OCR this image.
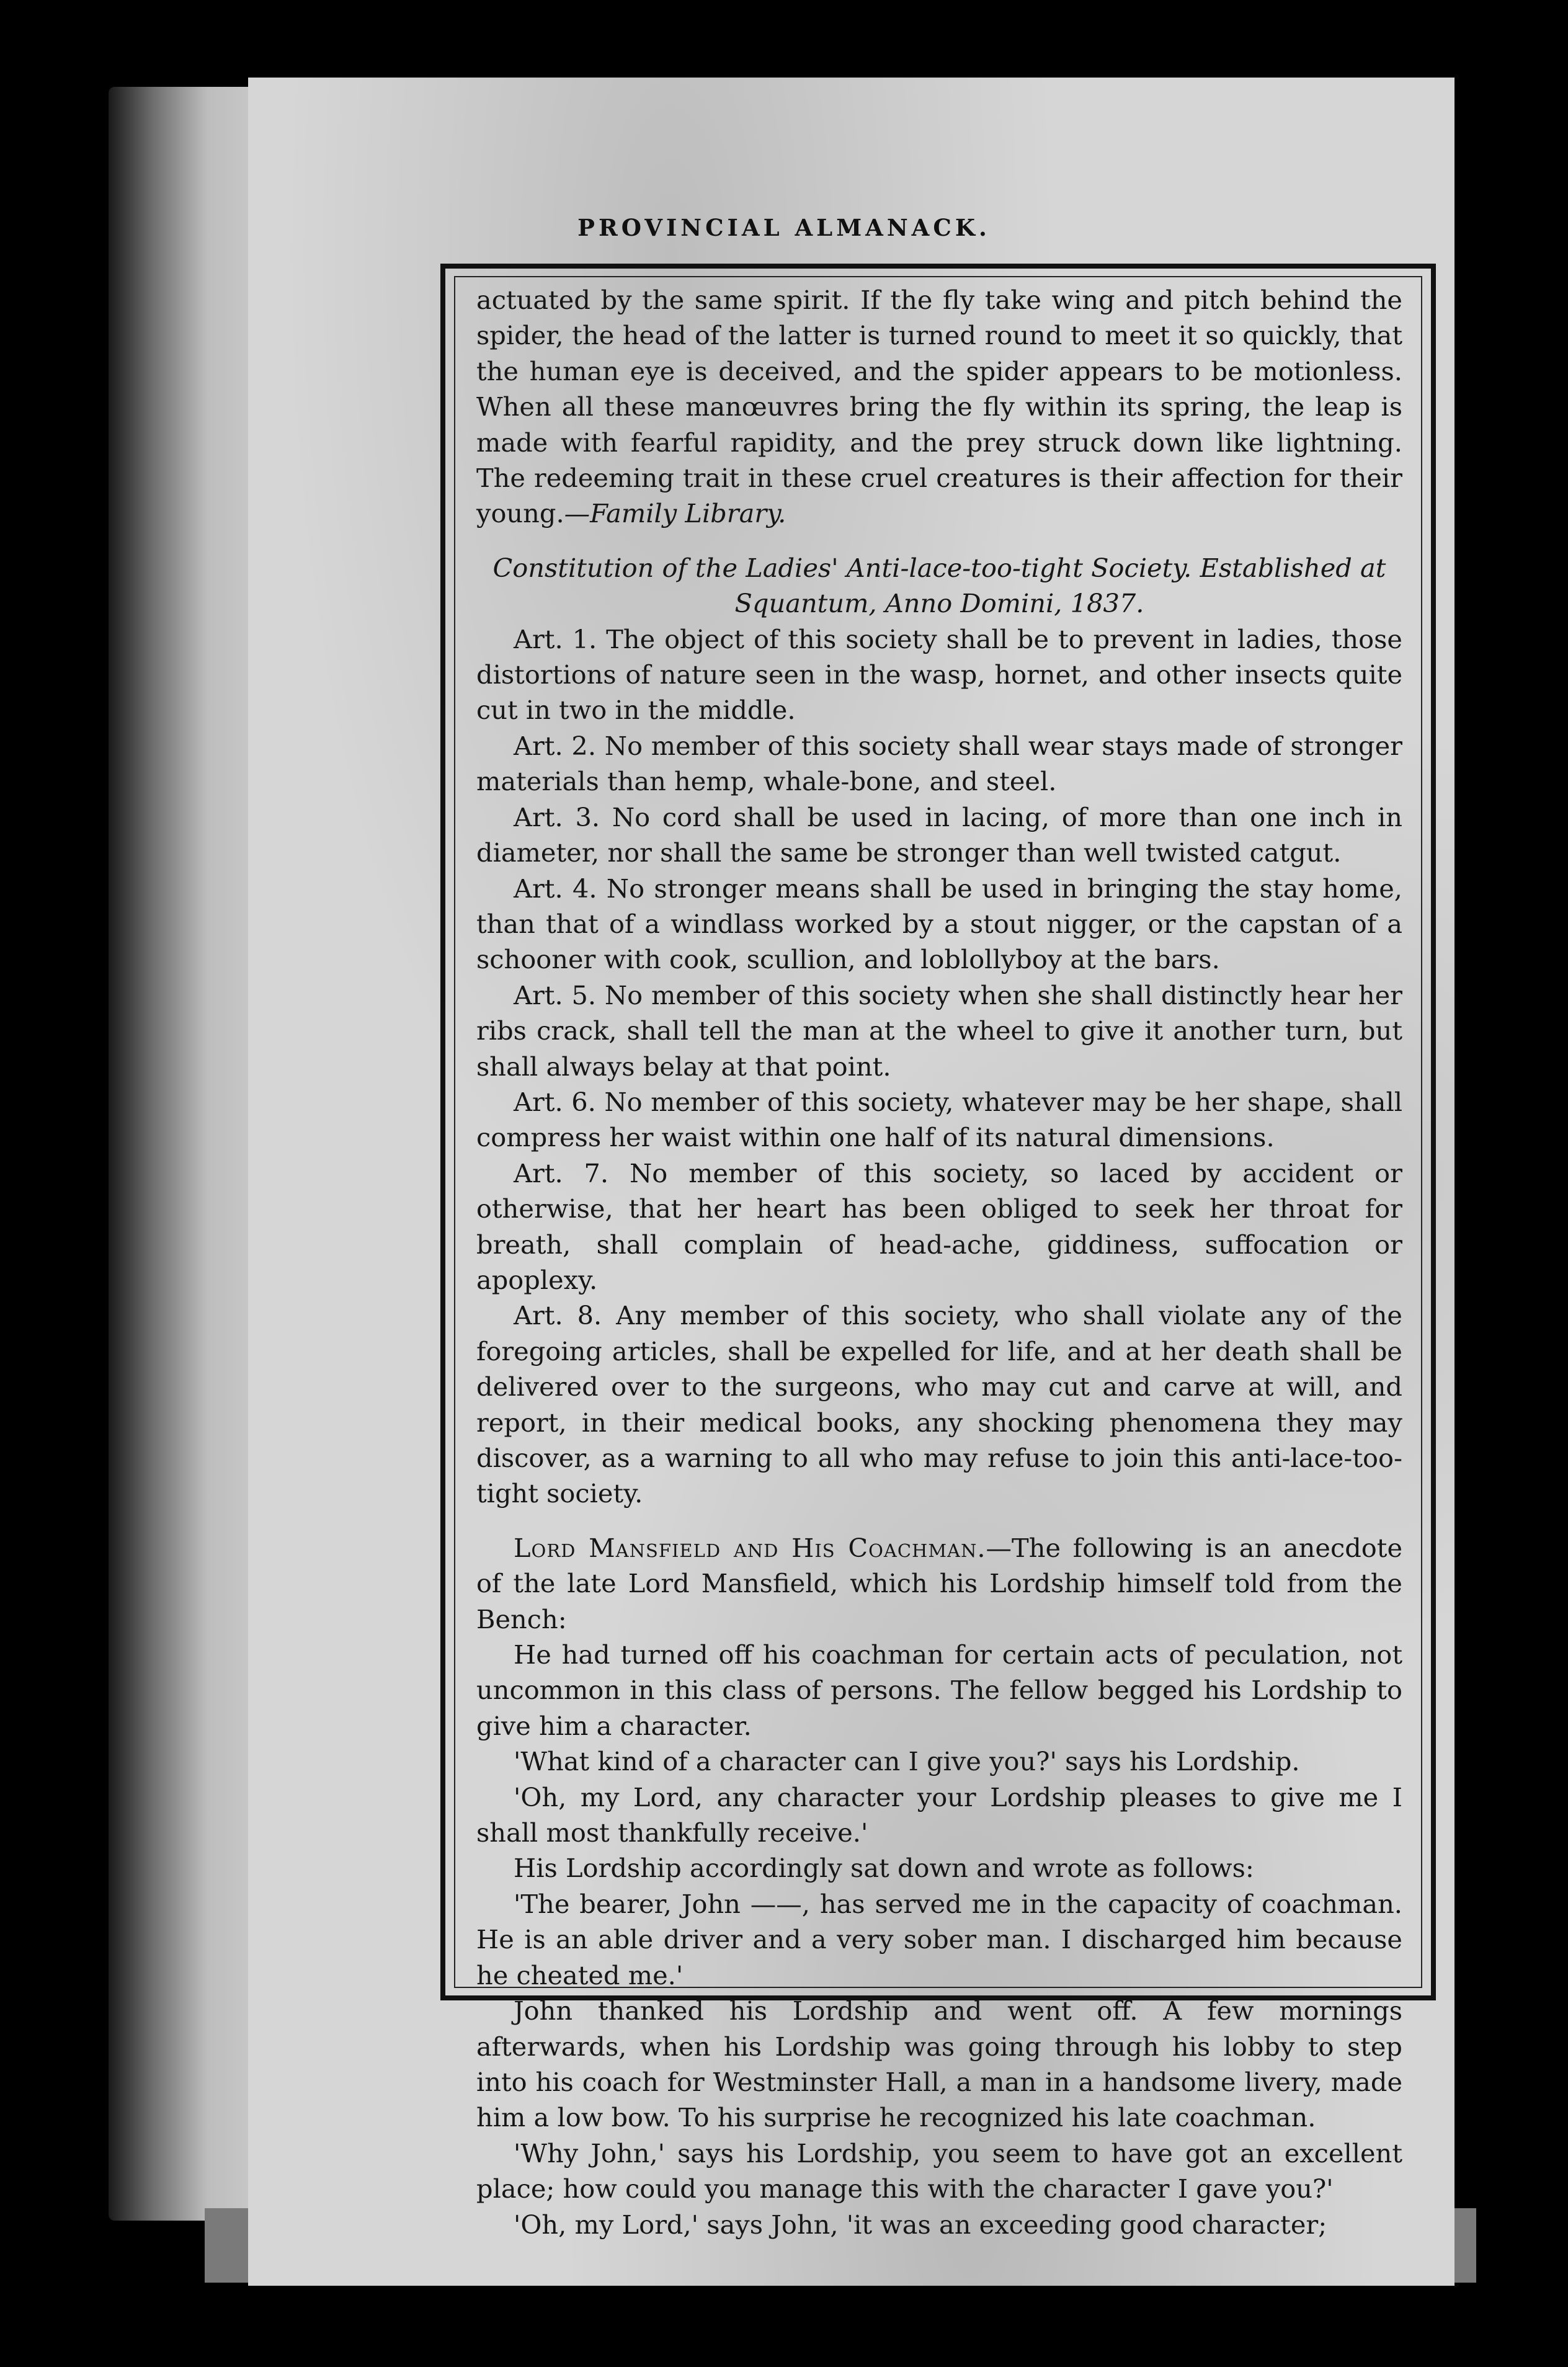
PROVINCIAL ALMANACK.

actuated by the same spirit. If the fly take wing and pitch behind the spider, the head of the latter is turned round to meet it so quickly, that the human eye is deceived, and the spider appears to be motionless. When all these manœuvres bring the fly within its spring, the leap is made with fearful rapidity, and the prey struck down like lightning. The redeeming trait in these cruel creatures is their affection for their young.—Family Library.

Constitution of the Ladies' Anti-lace-too-tight Society. Established at

Squantum, Anno Domini, 1837.

Art. 1. The object of this society shall be to prevent in ladies, those distortions of nature seen in the wasp, hornet, and other insects quite cut in two in the middle.

Art. 2. No member of this society shall wear stays made of stronger materials than hemp, whale-bone, and steel.

Art. 3. No cord shall be used in lacing, of more than one inch in diameter, nor shall the same be stronger than well twisted catgut.

Art. 4. No stronger means shall be used in bringing the stay home, than that of a windlass worked by a stout nigger, or the capstan of a schooner with cook, scullion, and loblollyboy at the bars.

Art. 5. No member of this society when she shall distinctly hear her ribs crack, shall tell the man at the wheel to give it another turn, but shall always belay at that point.

Art. 6. No member of this society, whatever may be her shape, shall compress her waist within one half of its natural dimensions.

Art. 7. No member of this society, so laced by accident or otherwise, that her heart has been obliged to seek her throat for breath, shall complain of head-ache, giddiness, suffocation or apoplexy.

Art. 8. Any member of this society, who shall violate any of the foregoing articles, shall be expelled for life, and at her death shall be delivered over to the surgeons, who may cut and carve at will, and report, in their medical books, any shocking phenomena they may discover, as a warning to all who may refuse to join this anti-lace-too-tight society.

Lord Mansfield and His Coachman.—The following is an anecdote of the late Lord Mansfield, which his Lordship himself told from the Bench:

He had turned off his coachman for certain acts of peculation, not uncommon in this class of persons. The fellow begged his Lordship to give him a character.

'What kind of a character can I give you?' says his Lordship.

'Oh, my Lord, any character your Lordship pleases to give me I shall most thankfully receive.'

His Lordship accordingly sat down and wrote as follows:

'The bearer, John ——, has served me in the capacity of coachman. He is an able driver and a very sober man. I discharged him because he cheated me.'

John thanked his Lordship and went off. A few mornings afterwards, when his Lordship was going through his lobby to step into his coach for Westminster Hall, a man in a handsome livery, made him a low bow. To his surprise he recognized his late coachman.

'Why John,' says his Lordship, you seem to have got an excellent place; how could you manage this with the character I gave you?'

'Oh, my Lord,' says John, 'it was an exceeding good character;
